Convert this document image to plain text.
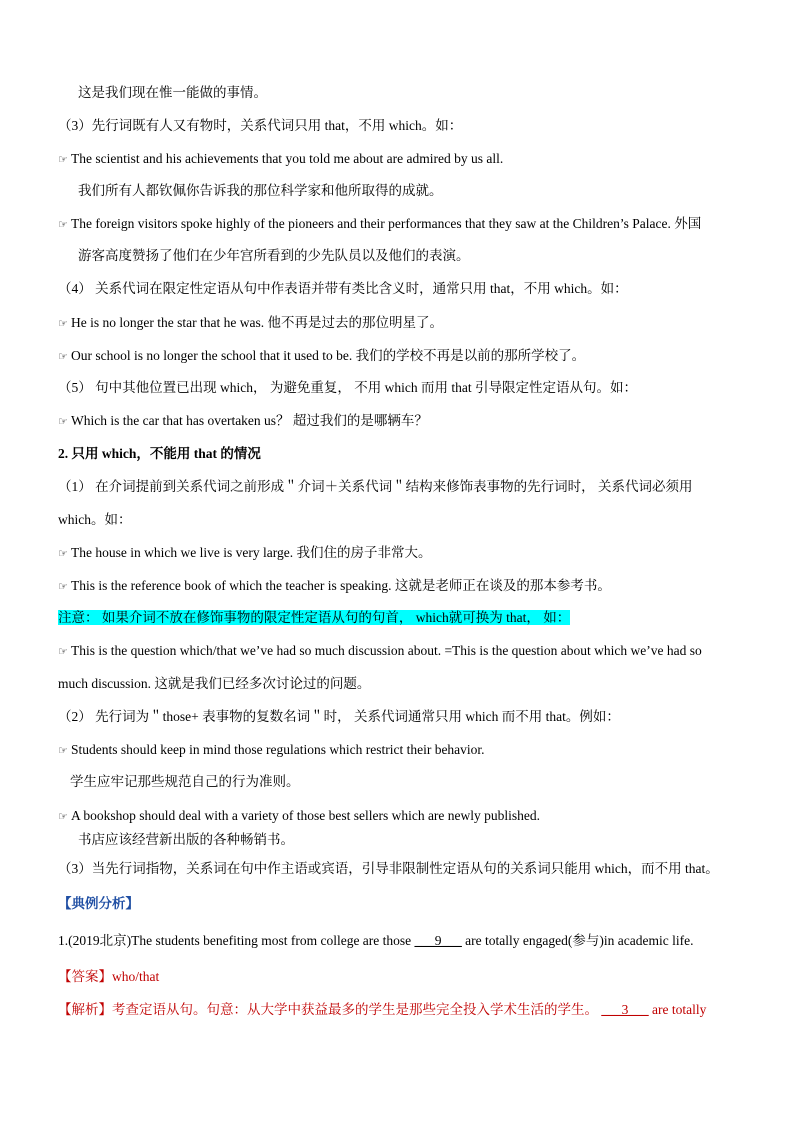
这是我们现在惟一能做的事情。
（3）先行词既有人又有物时，关系代词只用 that，不用 which。如：
☞ The scientist and his achievements that you told me about are admired by us all.
我们所有人都钦佩你告诉我的那位科学家和他所取得的成就。
☞ The foreign visitors spoke highly of the pioneers and their performances that they saw at the Children’s Palace. 外国
游客高度赞扬了他们在少年宫所看到的少先队员以及他们的表演。
（4） 关系代词在限定性定语从句中作表语并带有类比含义时，通常只用 that，不用 which。如：
☞ He is no longer the star that he was. 他不再是过去的那位明星了。
☞ Our school is no longer the school that it used to be. 我们的学校不再是以前的那所学校了。
（5） 句中其他位置已出现 which， 为避免重复， 不用 which 而用 that 引导限定性定语从句。如：
☞ Which is the car that has overtaken us？ 超过我们的是哪辆车？
2. 只用 which，不能用 that 的情况
（1） 在介词提前到关系代词之前形成＂介词＋关系代词＂结构来修饰表事物的先行词时， 关系代词必须用
which。如：
☞ The house in which we live is very large. 我们住的房子非常大。
☞ This is the reference book of which the teacher is speaking. 这就是老师正在谈及的那本参考书。
注意： 如果介词不放在修饰事物的限定性定语从句的句首， which就可换为 that， 如：
☞ This is the question which/that we’ve had so much discussion about. =This is the question about which we’ve had so
much discussion. 这就是我们已经多次讨论过的问题。
（2） 先行词为＂those+ 表事物的复数名词＂时， 关系代词通常只用 which 而不用 that。例如：
☞ Students should keep in mind those regulations which restrict their behavior.
学生应牢记那些规范自己的行为准则。
☞ A bookshop should deal with a variety of those best sellers which are newly published.
书店应该经营新出版的各种畅销书。
（3）当先行词指物，关系词在句中作主语或宾语，引导非限制性定语从句的关系词只能用 which，而不用 that。
【典例分析】
1.(2019北京)The students benefiting most from college are those ___9___ are totally engaged(参与)in academic life.
【答案】who/that
【解析】考查定语从句。句意：从大学中获益最多的学生是那些完全投入学术生活的学生。 ___3___ are totally
